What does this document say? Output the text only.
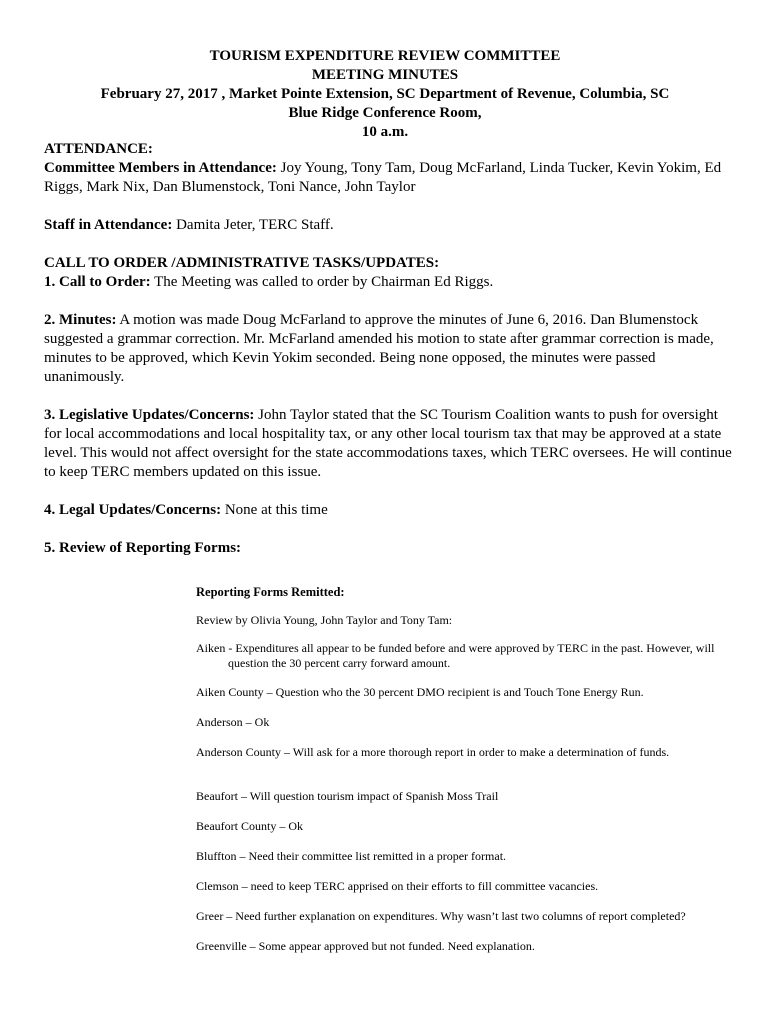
TOURISM EXPENDITURE REVIEW COMMITTEE
MEETING MINUTES
February 27, 2017 , Market Pointe Extension, SC Department of Revenue, Columbia, SC
Blue Ridge Conference Room,
10 a.m.

ATTENDANCE:

Committee Members in Attendance: Joy Young, Tony Tam, Doug McFarland, Linda Tucker, Kevin Yokim, Ed Riggs, Mark Nix, Dan Blumenstock, Toni Nance, John Taylor

Staff in Attendance: Damita Jeter, TERC Staff.

CALL TO ORDER /ADMINISTRATIVE TASKS/UPDATES:

1. Call to Order: The Meeting was called to order by Chairman Ed Riggs.

2. Minutes: A motion was made Doug McFarland to approve the minutes of June 6, 2016. Dan Blumenstock suggested a grammar correction. Mr. McFarland amended his motion to state after grammar correction is made, minutes to be approved, which Kevin Yokim seconded. Being none opposed, the minutes were passed unanimously.

3. Legislative Updates/Concerns: John Taylor stated that the SC Tourism Coalition wants to push for oversight for local accommodations and local hospitality tax, or any other local tourism tax that may be approved at a state level. This would not affect oversight for the state accommodations taxes, which TERC oversees. He will continue to keep TERC members updated on this issue.

4. Legal Updates/Concerns: None at this time

5. Review of Reporting Forms:

Reporting Forms Remitted:

Review by Olivia Young, John Taylor and Tony Tam:

Aiken - Expenditures all appear to be funded before and were approved by TERC in the past. However, will question the 30 percent carry forward amount.

Aiken County – Question who the 30 percent DMO recipient is and Touch Tone Energy Run.

Anderson – Ok

Anderson County – Will ask for a more thorough report in order to make a determination of funds.

Beaufort – Will question tourism impact of Spanish Moss Trail

Beaufort County – Ok

Bluffton – Need their committee list remitted in a proper format.

Clemson – need to keep TERC apprised on their efforts to fill committee vacancies.

Greer – Need further explanation on expenditures. Why wasn’t last two columns of report completed?

Greenville – Some appear approved but not funded. Need explanation.
